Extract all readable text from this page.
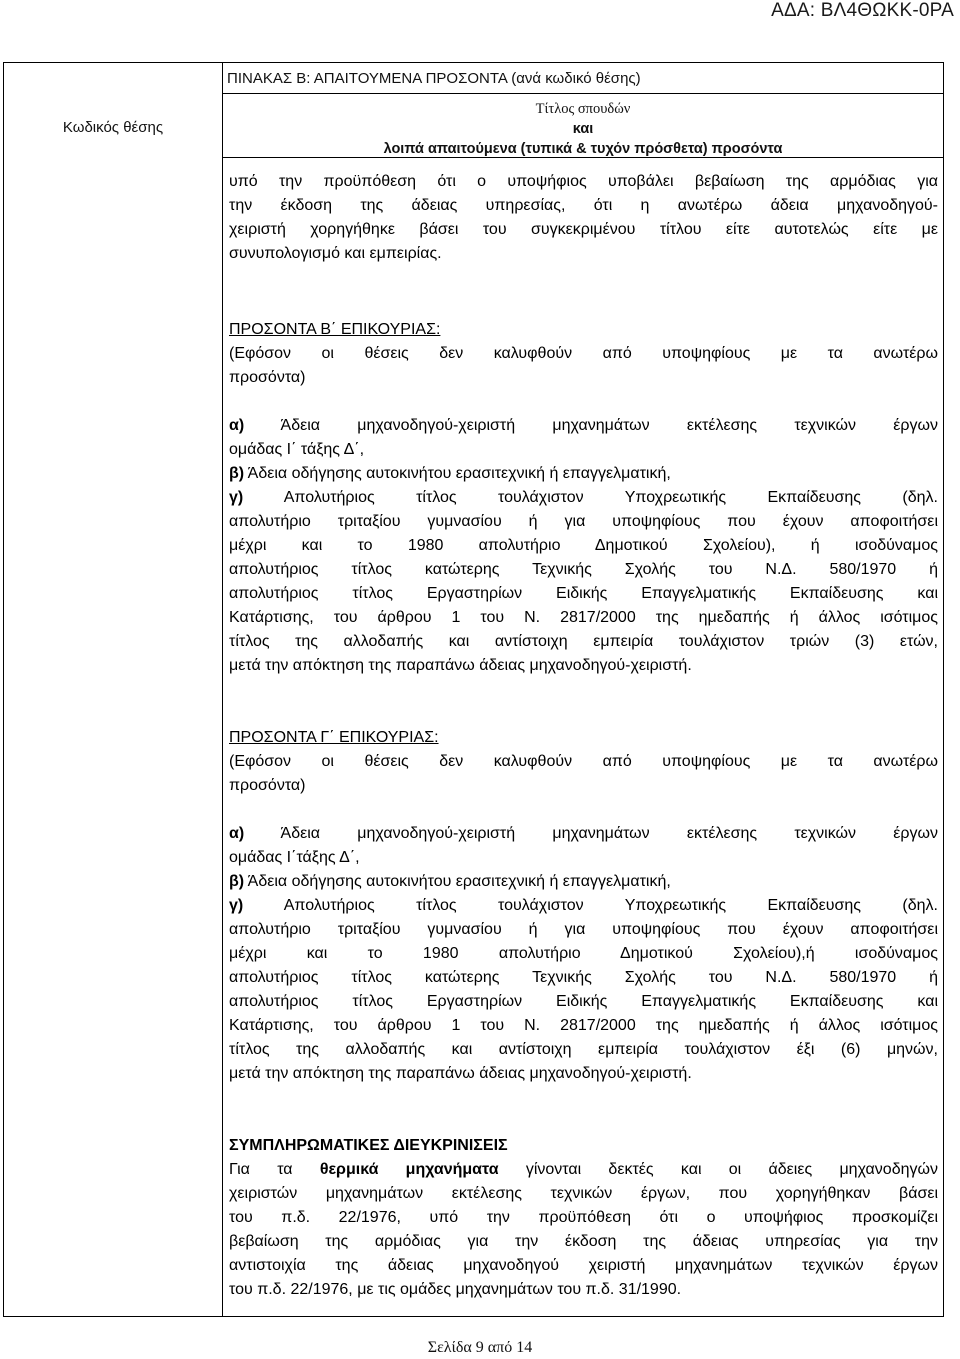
ΑΔΑ: ΒΛ4ΘΩΚΚ-0ΡΑ
Κωδικός θέσης
ΠΙΝΑΚΑΣ Β: ΑΠΑΙΤΟΥΜΕΝΑ ΠΡΟΣΟΝΤΑ (ανά κωδικό θέσης)
Τίτλος σπουδών
και
λοιπά απαιτούμενα (τυπικά & τυχόν πρόσθετα) προσόντα
υπό την προϋπόθεση ότι ο υποψήφιος υποβάλει βεβαίωση της αρμόδιας για
την έκδοση της άδειας υπηρεσίας, ότι η ανωτέρω άδεια μηχανοδηγού-
χειριστή χορηγήθηκε βάσει του συγκεκριμένου τίτλου είτε αυτοτελώς είτε με
συνυπολογισμό και εμπειρίας.
ΠΡΟΣΟΝΤΑ Β΄ ΕΠΙΚΟΥΡΙΑΣ:
(Εφόσον οι θέσεις δεν καλυφθούν από υποψηφίους με τα ανωτέρω
προσόντα)
α) Άδεια μηχανοδηγού-χειριστή μηχανημάτων εκτέλεσης τεχνικών έργων
ομάδας Ι΄ τάξης Δ΄,
β) Άδεια οδήγησης αυτοκινήτου ερασιτεχνική ή επαγγελματική,
γ) Απολυτήριος τίτλος τουλάχιστον Υποχρεωτικής Εκπαίδευσης (δηλ.
απολυτήριο τριταξίου γυμνασίου ή για υποψηφίους που έχουν αποφοιτήσει
μέχρι και το 1980 απολυτήριο Δημοτικού Σχολείου), ή ισοδύναμος
απολυτήριος τίτλος κατώτερης Τεχνικής Σχολής του Ν.Δ. 580/1970 ή
απολυτήριος τίτλος Εργαστηρίων Ειδικής Επαγγελματικής Εκπαίδευσης και
Κατάρτισης, του άρθρου 1 του Ν. 2817/2000 της ημεδαπής ή άλλος ισότιμος
τίτλος της αλλοδαπής και αντίστοιχη εμπειρία τουλάχιστον τριών (3) ετών,
μετά την απόκτηση της παραπάνω άδειας μηχανοδηγού-χειριστή.
ΠΡΟΣΟΝΤΑ Γ΄ ΕΠΙΚΟΥΡΙΑΣ:
(Εφόσον οι θέσεις δεν καλυφθούν από υποψηφίους με τα ανωτέρω
προσόντα)
α) Άδεια μηχανοδηγού-χειριστή μηχανημάτων εκτέλεσης τεχνικών έργων
ομάδας Ι΄τάξης Δ΄,
β) Άδεια οδήγησης αυτοκινήτου ερασιτεχνική ή επαγγελματική,
γ) Απολυτήριος τίτλος τουλάχιστον Υποχρεωτικής Εκπαίδευσης (δηλ.
απολυτήριο τριταξίου γυμνασίου ή για υποψηφίους που έχουν αποφοιτήσει
μέχρι και το 1980 απολυτήριο Δημοτικού Σχολείου),ή ισοδύναμος
απολυτήριος τίτλος κατώτερης Τεχνικής Σχολής του Ν.Δ. 580/1970 ή
απολυτήριος τίτλος Εργαστηρίων Ειδικής Επαγγελματικής Εκπαίδευσης και
Κατάρτισης, του άρθρου 1 του Ν. 2817/2000 της ημεδαπής ή άλλος ισότιμος
τίτλος της αλλοδαπής και αντίστοιχη εμπειρία τουλάχιστον έξι (6) μηνών,
μετά την απόκτηση της παραπάνω άδειας μηχανοδηγού-χειριστή.
ΣΥΜΠΛΗΡΩΜΑΤΙΚΕΣ ΔΙΕΥΚΡΙΝΙΣΕΙΣ
Για τα θερμικά μηχανήματα γίνονται δεκτές και οι άδειες μηχανοδηγών
χειριστών μηχανημάτων εκτέλεσης τεχνικών έργων, που χορηγήθηκαν βάσει
του π.δ. 22/1976, υπό την προϋπόθεση ότι ο υποψήφιος προσκομίζει
βεβαίωση της αρμόδιας για την έκδοση της άδειας υπηρεσίας για την
αντιστοιχία της άδειας μηχανοδηγού χειριστή μηχανημάτων τεχνικών έργων
του π.δ. 22/1976, με τις ομάδες μηχανημάτων του π.δ. 31/1990.
Σελίδα 9 από 14
